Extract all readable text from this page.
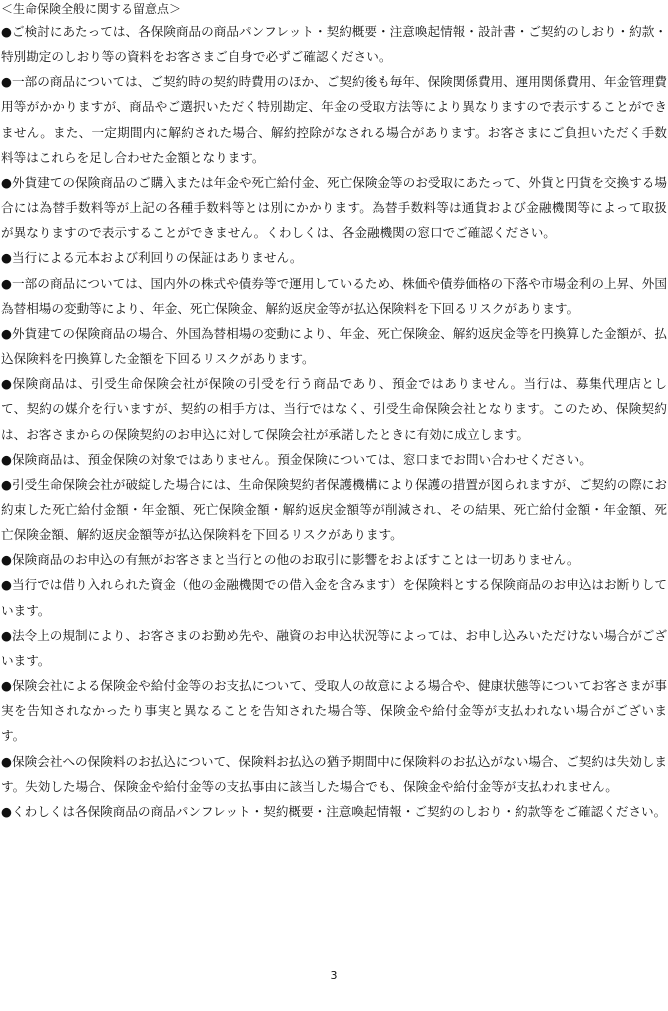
＜生命保険全般に関する留意点＞

●ご検討にあたっては、各保険商品の商品パンフレット・契約概要・注意喚起情報・設計書・ご契約のしおり・約款・特別勘定のしおり等の資料をお客さまご自身で必ずご確認ください。

●一部の商品については、ご契約時の契約時費用のほか、ご契約後も毎年、保険関係費用、運用関係費用、年金管理費用等がかかりますが、商品やご選択いただく特別勘定、年金の受取方法等により異なりますので表示することができません。また、一定期間内に解約された場合、解約控除がなされる場合があります。お客さまにご負担いただく手数料等はこれらを足し合わせた金額となります。

●外貨建ての保険商品のご購入または年金や死亡給付金、死亡保険金等のお受取にあたって、外貨と円貨を交換する場合には為替手数料等が上記の各種手数料等とは別にかかります。為替手数料等は通貨および金融機関等によって取扱が異なりますので表示することができません。くわしくは、各金融機関の窓口でご確認ください。

●当行による元本および利回りの保証はありません。

●一部の商品については、国内外の株式や債券等で運用しているため、株価や債券価格の下落や市場金利の上昇、外国為替相場の変動等により、年金、死亡保険金、解約返戻金等が払込保険料を下回るリスクがあります。

●外貨建ての保険商品の場合、外国為替相場の変動により、年金、死亡保険金、解約返戻金等を円換算した金額が、払込保険料を円換算した金額を下回るリスクがあります。

●保険商品は、引受生命保険会社が保険の引受を行う商品であり、預金ではありません。当行は、募集代理店として、契約の媒介を行いますが、契約の相手方は、当行ではなく、引受生命保険会社となります。このため、保険契約は、お客さまからの保険契約のお申込に対して保険会社が承諾したときに有効に成立します。

●保険商品は、預金保険の対象ではありません。預金保険については、窓口までお問い合わせください。

●引受生命保険会社が破綻した場合には、生命保険契約者保護機構により保護の措置が図られますが、ご契約の際にお約束した死亡給付金額・年金額、死亡保険金額・解約返戻金額等が削減され、その結果、死亡給付金額・年金額、死亡保険金額、解約返戻金額等が払込保険料を下回るリスクがあります。

●保険商品のお申込の有無がお客さまと当行との他のお取引に影響をおよぼすことは一切ありません。

●当行では借り入れられた資金（他の金融機関での借入金を含みます）を保険料とする保険商品のお申込はお断りしています。

●法令上の規制により、お客さまのお勤め先や、融資のお申込状況等によっては、お申し込みいただけない場合がございます。

●保険会社による保険金や給付金等のお支払について、受取人の故意による場合や、健康状態等についてお客さまが事実を告知されなかったり事実と異なることを告知された場合等、保険金や給付金等が支払われない場合がございます。

●保険会社への保険料のお払込について、保険料お払込の猶予期間中に保険料のお払込がない場合、ご契約は失効します。失効した場合、保険金や給付金等の支払事由に該当した場合でも、保険金や給付金等が支払われません。

●くわしくは各保険商品の商品パンフレット・契約概要・注意喚起情報・ご契約のしおり・約款等をご確認ください。

3
